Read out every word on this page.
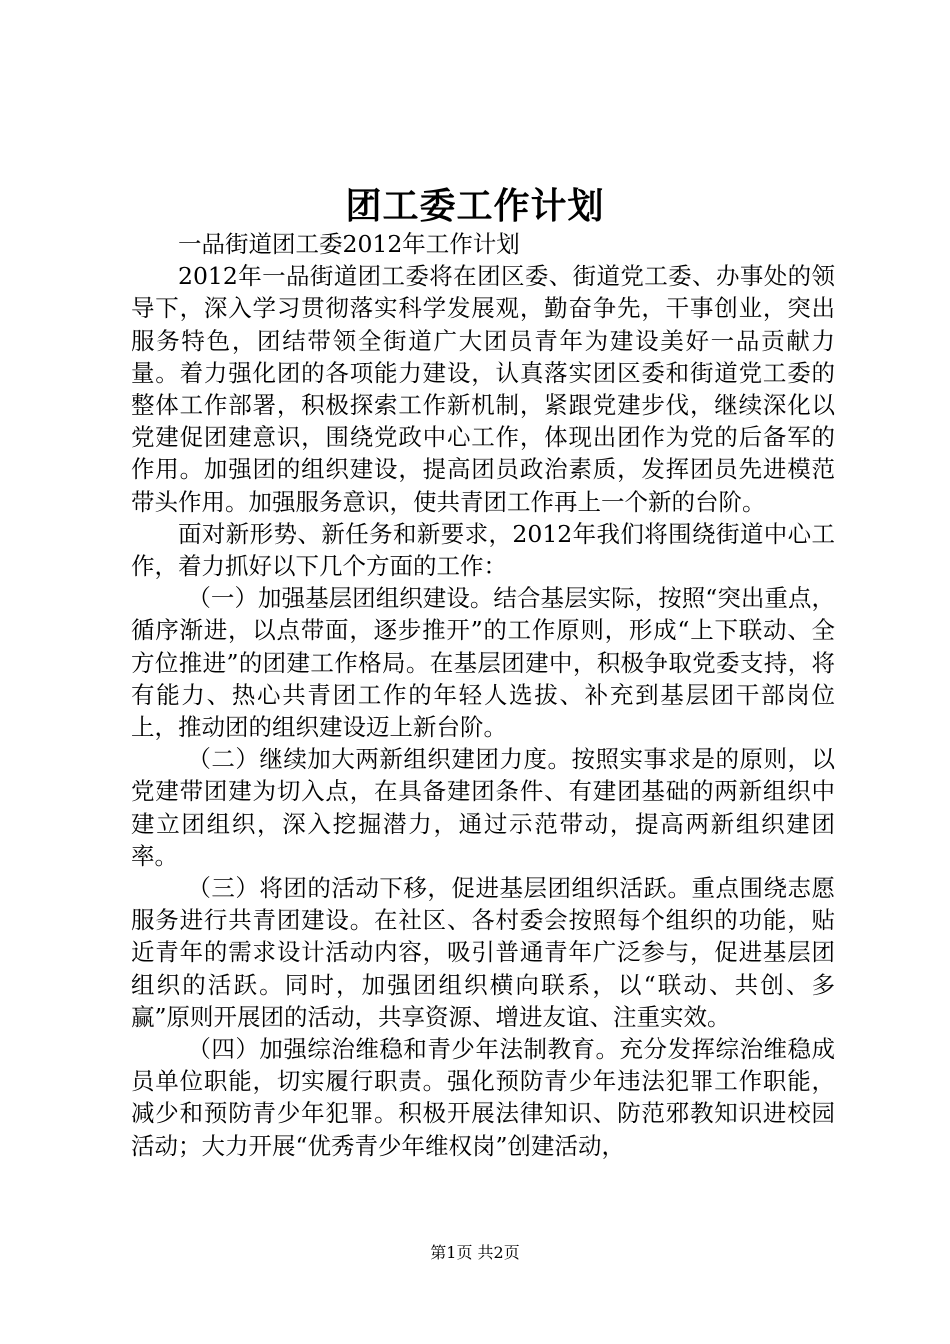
团工委工作计划

一品街道团工委2012年工作计划

2012年一品街道团工委将在团区委、街道党工委、办事处的领导下，深入学习贯彻落实科学发展观，勤奋争先，干事创业，突出服务特色，团结带领全街道广大团员青年为建设美好一品贡献力量。着力强化团的各项能力建设，认真落实团区委和街道党工委的整体工作部署，积极探索工作新机制，紧跟党建步伐，继续深化以党建促团建意识，围绕党政中心工作，体现出团作为党的后备军的作用。加强团的组织建设，提高团员政治素质，发挥团员先进模范带头作用。加强服务意识，使共青团工作再上一个新的台阶。

面对新形势、新任务和新要求，2012年我们将围绕街道中心工作，着力抓好以下几个方面的工作：

（一）加强基层团组织建设。结合基层实际，按照“突出重点，循序渐进，以点带面，逐步推开”的工作原则，形成“上下联动、全方位推进”的团建工作格局。在基层团建中，积极争取党委支持，将有能力、热心共青团工作的年轻人选拔、补充到基层团干部岗位上，推动团的组织建设迈上新台阶。

（二）继续加大两新组织建团力度。按照实事求是的原则，以党建带团建为切入点，在具备建团条件、有建团基础的两新组织中建立团组织，深入挖掘潜力，通过示范带动，提高两新组织建团率。

（三）将团的活动下移，促进基层团组织活跃。重点围绕志愿服务进行共青团建设。在社区、各村委会按照每个组织的功能，贴近青年的需求设计活动内容，吸引普通青年广泛参与，促进基层团组织的活跃。同时，加强团组织横向联系，以“联动、共创、多赢”原则开展团的活动，共享资源、增进友谊、注重实效。

（四）加强综治维稳和青少年法制教育。充分发挥综治维稳成员单位职能，切实履行职责。强化预防青少年违法犯罪工作职能，减少和预防青少年犯罪。积极开展法律知识、防范邪教知识进校园活动；大力开展“优秀青少年维权岗”创建活动，

第1页 共2页
